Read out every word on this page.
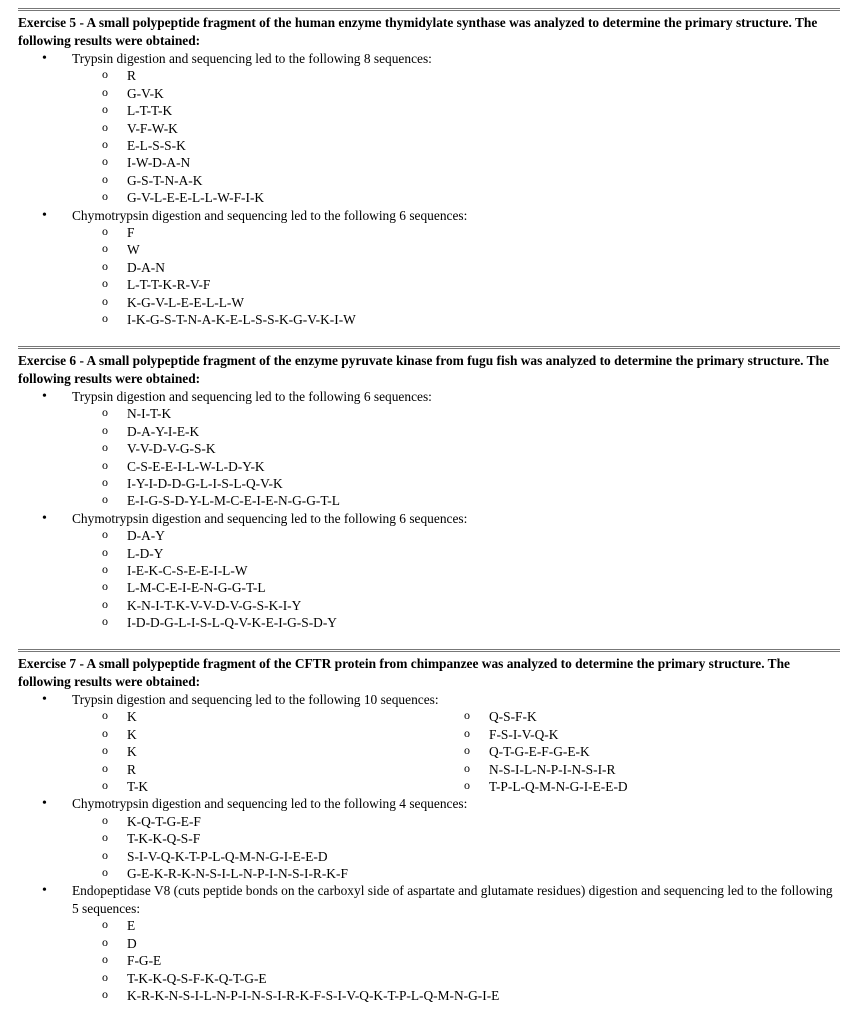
Exercise 5 - A small polypeptide fragment of the human enzyme thymidylate synthase was analyzed to determine the primary structure. The following results were obtained:
• Trypsin digestion and sequencing led to the following 8 sequences:
o R
o G-V-K
o L-T-T-K
o V-F-W-K
o E-L-S-S-K
o I-W-D-A-N
o G-S-T-N-A-K
o G-V-L-E-E-L-L-W-F-I-K
• Chymotrypsin digestion and sequencing led to the following 6 sequences:
o F
o W
o D-A-N
o L-T-T-K-R-V-F
o K-G-V-L-E-E-L-L-W
o I-K-G-S-T-N-A-K-E-L-S-S-K-G-V-K-I-W
Exercise 6 - A small polypeptide fragment of the enzyme pyruvate kinase from fugu fish was analyzed to determine the primary structure. The following results were obtained:
• Trypsin digestion and sequencing led to the following 6 sequences:
o N-I-T-K
o D-A-Y-I-E-K
o V-V-D-V-G-S-K
o C-S-E-E-I-L-W-L-D-Y-K
o I-Y-I-D-D-G-L-I-S-L-Q-V-K
o E-I-G-S-D-Y-L-M-C-E-I-E-N-G-G-T-L
• Chymotrypsin digestion and sequencing led to the following 6 sequences:
o D-A-Y
o L-D-Y
o I-E-K-C-S-E-E-I-L-W
o L-M-C-E-I-E-N-G-G-T-L
o K-N-I-T-K-V-V-D-V-G-S-K-I-Y
o I-D-D-G-L-I-S-L-Q-V-K-E-I-G-S-D-Y
Exercise 7 - A small polypeptide fragment of the CFTR protein from chimpanzee was analyzed to determine the primary structure. The following results were obtained:
• Trypsin digestion and sequencing led to the following 10 sequences:
o K
o K
o K
o R
o T-K
o Q-S-F-K
o F-S-I-V-Q-K
o Q-T-G-E-F-G-E-K
o N-S-I-L-N-P-I-N-S-I-R
o T-P-L-Q-M-N-G-I-E-E-D
• Chymotrypsin digestion and sequencing led to the following 4 sequences:
o K-Q-T-G-E-F
o T-K-K-Q-S-F
o S-I-V-Q-K-T-P-L-Q-M-N-G-I-E-E-D
o G-E-K-R-K-N-S-I-L-N-P-I-N-S-I-R-K-F
• Endopeptidase V8 (cuts peptide bonds on the carboxyl side of aspartate and glutamate residues) digestion and sequencing led to the following 5 sequences:
o E
o D
o F-G-E
o T-K-K-Q-S-F-K-Q-T-G-E
o K-R-K-N-S-I-L-N-P-I-N-S-I-R-K-F-S-I-V-Q-K-T-P-L-Q-M-N-G-I-E
